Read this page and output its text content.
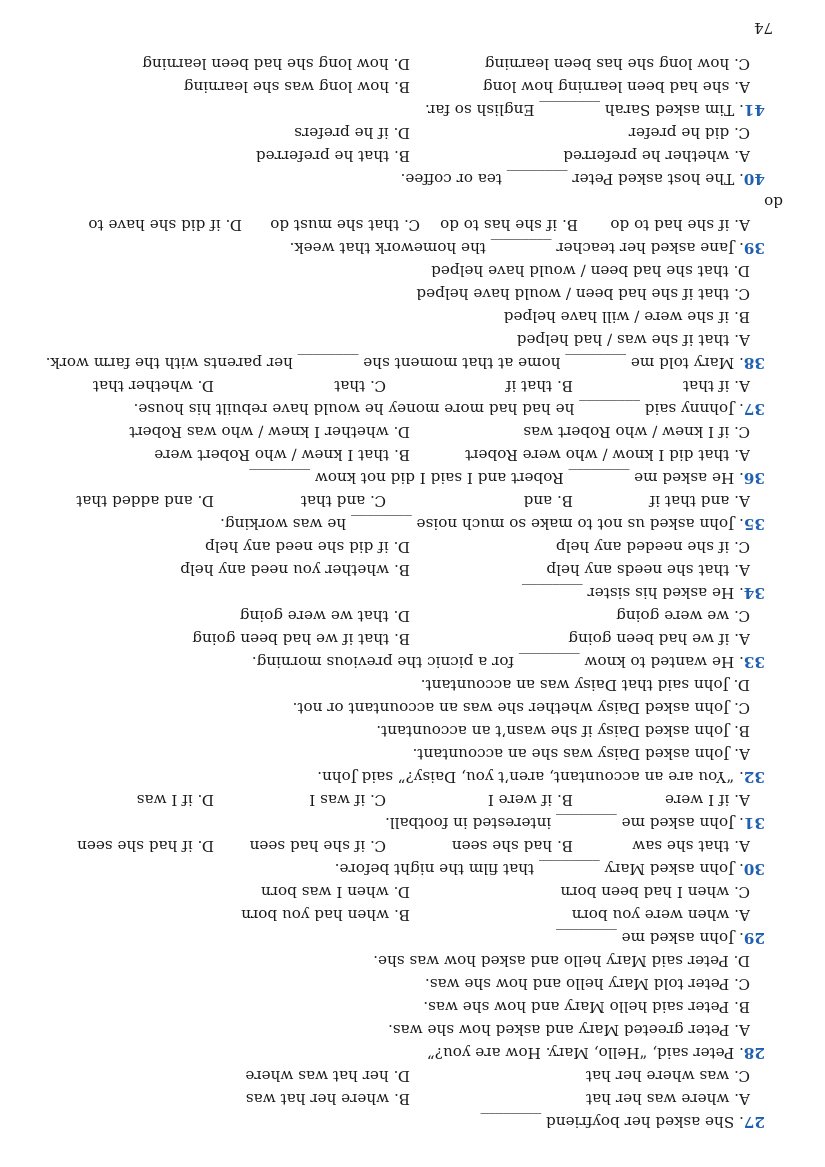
27. She asked her boyfriend ________
A. where was her hat
B. where her hat was
C. was where her hat
D. her hat was where
28. Peter said, “Hello, Mary. How are you?”
A. Peter greeted Mary and asked how she was.
B. Peter said hello Mary and how she was.
C. Peter told Mary hello and how she was.
D. Peter said Mary hello and asked how was she.
29. John asked me ________
A. when were you born
B. when had you born
C. when I had been born
D. when I was born
30. John asked Mary ________ that film the night before.
A. that she saw
B. had she seen
C. if she had seen
D. if had she seen
31. John asked me ________ interested in football.
A. if I were
B. if were I
C. if was I
D. if I was
32. “You are an accountant, aren’t you, Daisy?” said John.
A. John asked Daisy was she an accountant.
B. John asked Daisy if she wasn’t an accountant.
C. John asked Daisy whether she was an accountant or not.
D. John said that Daisy was an accountant.
33. He wanted to know ________ for a picnic the previous morning.
A. if we had been going
B. that if we had been going
C. we were going
D. that we were going
34. He asked his sister ________
A. that she needs any help
B. whether you need any help
C. if she needed any help
D. if did she need any help
35. John asked us not to make so much noise ________ he was working.
A. and that if
B. and
C. and that
D. and added that
36. He asked me ________ Robert and I said I did not know ________
A. that did I know / who were Robert
B. that I knew / who Robert were
C. if I knew / who Robert was
D. whether I knew / who was Robert
37. Johnny said ________ he had had more money he would have rebuilt his house.
A. if that
B. that if
C. that
D. whether that
38. Mary told me ________ home at that moment she ________ her parents with the farm work.
A. that if she was / had helped
B. if she were / will have helped
C. that if she had been / would have helped
D. that she had been / would have helped
39. Jane asked her teacher ________ the homework that week.
A. if she had to do
B. if she has to do
C. that she must do
D. if did she have to
do
40. The host asked Peter ________ tea or coffee.
A. whether he preferred
B. that he preferred
C. did he prefer
D. if he prefers
41. Tim asked Sarah ________ English so far.
A. she had been learning how long
B. how long was she learning
C. how long she has been learning
D. how long she had been learning
74
